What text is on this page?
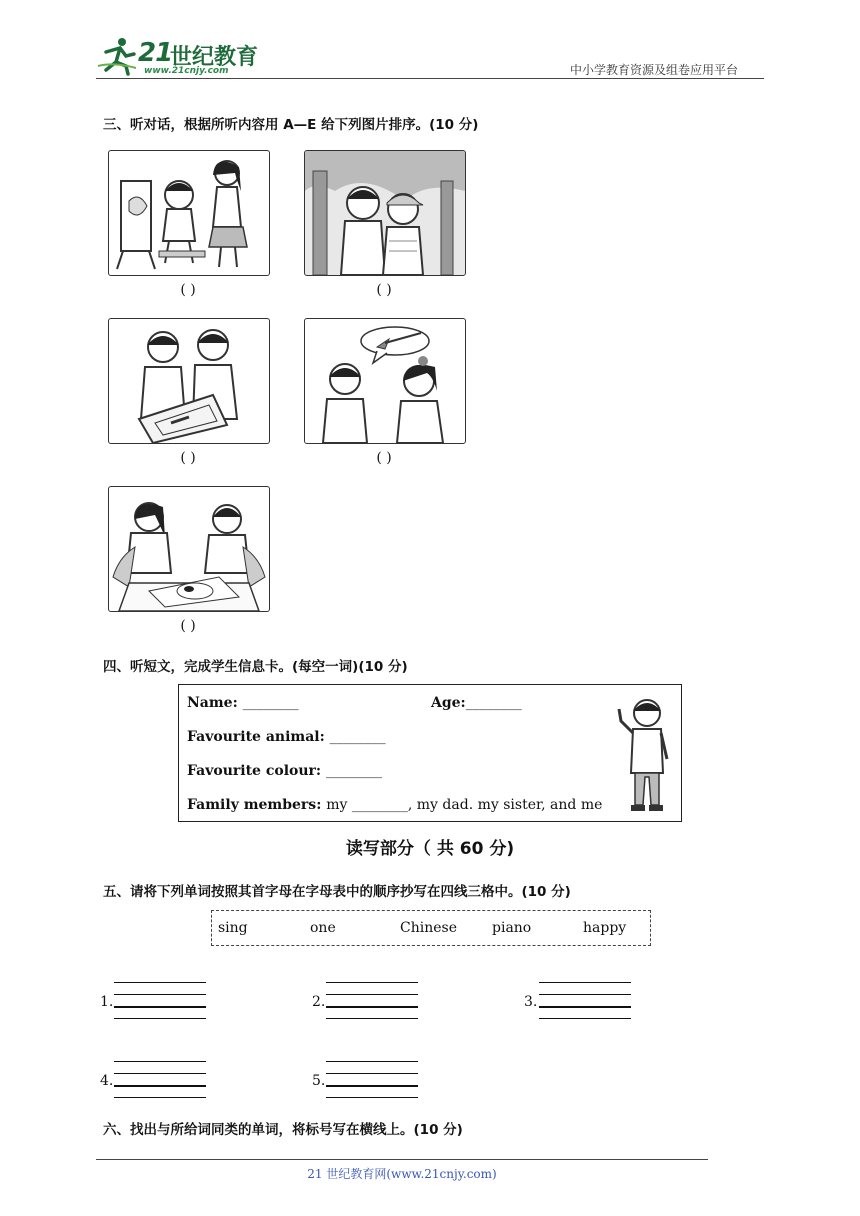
21
世纪教育
www.21cnjy.com	中小学教育资源及组卷应用平台
三、听对话，根据所听内容用 A—E 给下列图片排序。(10 分)
( )	( )
( )	( )
( )
四、听短文，完成学生信息卡。(每空一词)(10 分)
Name: ________	Age:________
Favourite animal: ________
Favourite colour: ________
Family members: my ________, my dad. my sister, and me
读写部分（ 共 60 分)
五、请将下列单词按照其首字母在字母表中的顺序抄写在四线三格中。(10 分)
sing	one	Chinese	piano	happy
1.	2.	3.
4.	5.
六、找出与所给词同类的单词，将标号写在横线上。(10 分)
21 世纪教育网(www.21cnjy.com)
